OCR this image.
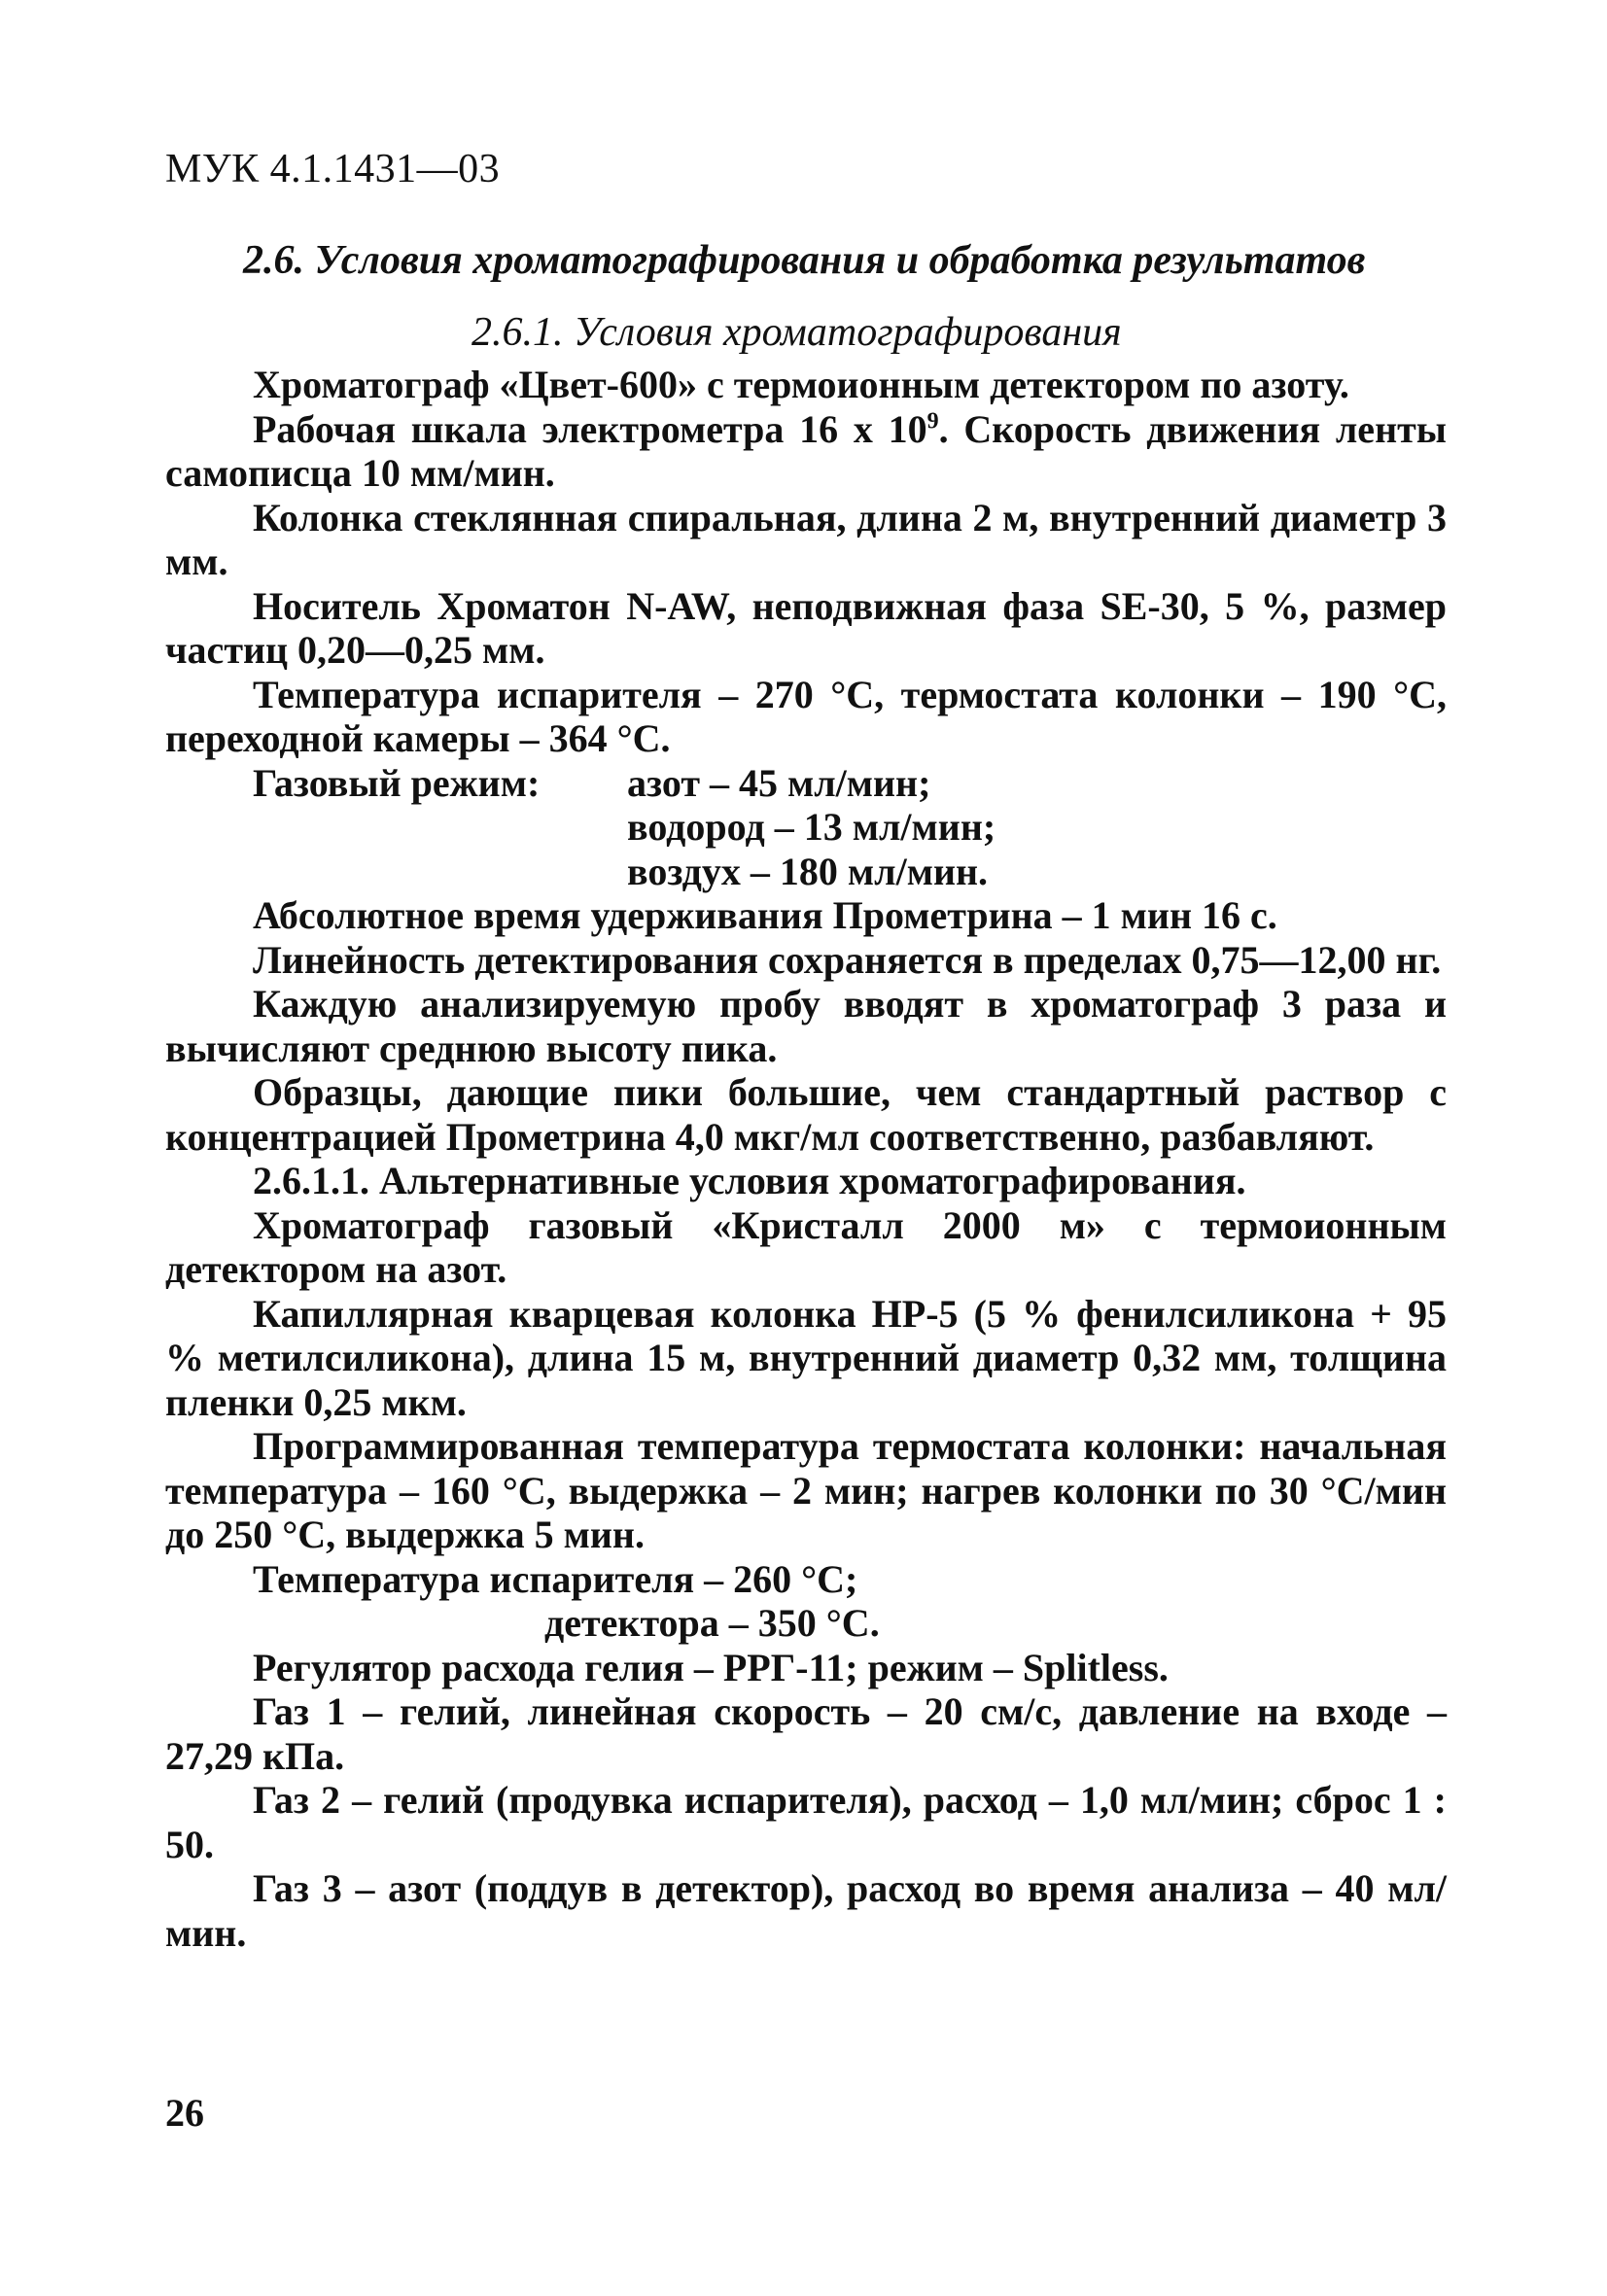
МУК 4.1.1431—03
2.6. Условия хроматографирования и обработка результатов
2.6.1. Условия хроматографирования

Хроматограф «Цвет-600» с термоионным детектором по азоту.

Рабочая шкала электрометра 16 х $10^9$. Скорость движения ленты самописца 10 мм/мин.

Колонка стеклянная спиральная, длина 2 м, внутренний диаметр 3 мм.

Носитель Хроматон N-AW, неподвижная фаза SE-30, 5 %, размер частиц 0,20—0,25 мм.

Температура испарителя – 270 °С, термостата колонки – 190 °С, переходной камеры – 364 °С.

Газовый режим:	азот – 45 мл/мин;
водород – 13 мл/мин;
воздух – 180 мл/мин.

Абсолютное время удерживания Прометрина – 1 мин 16 с.

Линейность детектирования сохраняется в пределах 0,75—12,00 нг.

Каждую анализируемую пробу вводят в хроматограф 3 раза и вычисляют среднюю высоту пика.

Образцы, дающие пики большие, чем стандартный раствор с концентрацией Прометрина 4,0 мкг/мл соответственно, разбавляют.

2.6.1.1. Альтернативные условия хроматографирования.

Хроматограф газовый «Кристалл 2000 м» с термоионным детектором на азот.

Капиллярная кварцевая колонка HP-5 (5 % фенилсиликона + 95 % метилсиликона), длина 15 м, внутренний диаметр 0,32 мм, толщина пленки 0,25 мкм.

Программированная температура термостата колонки: начальная температура – 160 °С, выдержка – 2 мин; нагрев колонки по 30 °С/мин до 250 °С, выдержка 5 мин.

Температура испарителя – 260 °С;
детектора – 350 °С.

Регулятор расхода гелия – РРГ-11; режим – Splitless.

Газ 1 – гелий, линейная скорость – 20 см/с, давление на входе – 27,29 кПа.

Газ 2 – гелий (продувка испарителя), расход – 1,0 мл/мин; сброс 1 : 50.

Газ 3 – азот (поддув в детектор), расход во время анализа – 40 мл/мин.

26
